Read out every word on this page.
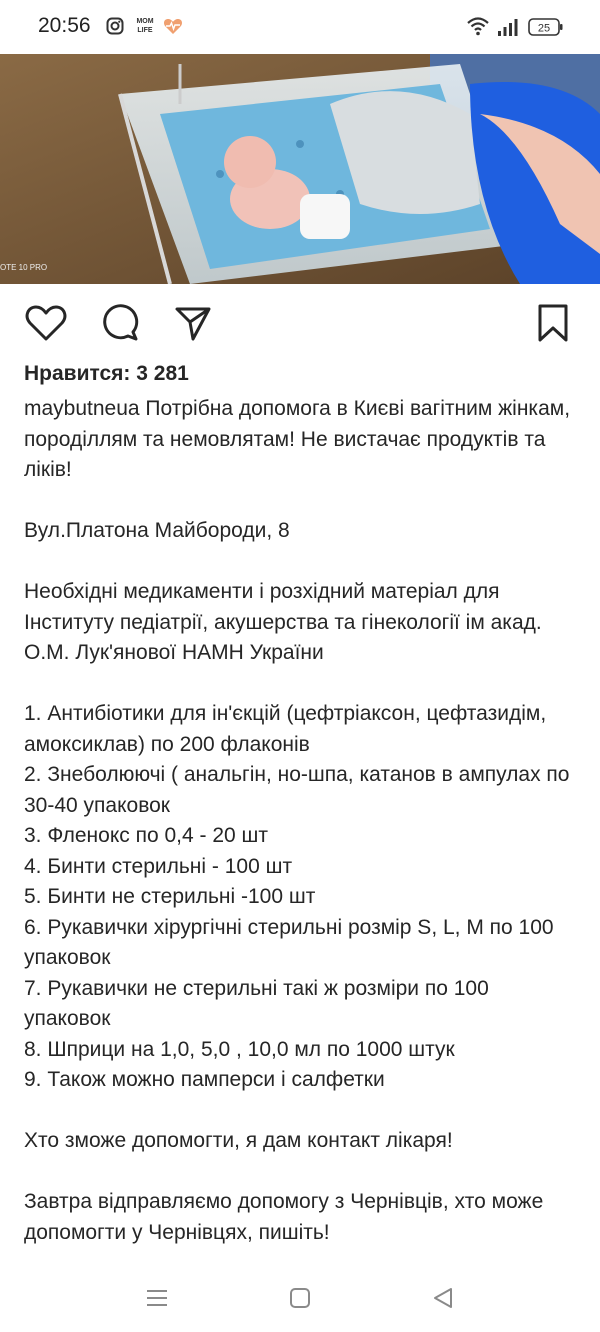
20:56	MOM
LIFE	25
OTE 10 PRO
Нравится: 3 281

maybutneua Потрібна допомога в Києві вагітним жінкам, породіллям та немовлятам! Не вистачає продуктів та ліків!

Вул.Платона Майбороди, 8

Необхідні медикаменти і розхідний матеріал для Інституту педіатрії, акушерства та гінекології ім акад. О.М. Лук'янової НАМН України

1. Антибіотики для ін'єкцій (цефтріаксон, цефтазидім, амоксиклав) по 200 флаконів

2. Знеболюючі ( анальгін, но-шпа, катанов в ампулах по 30-40 упаковок

3. Фленокс по 0,4 - 20 шт

4. Бинти стерильні - 100 шт

5. Бинти не стерильні -100 шт

6. Рукавички хірургічні стерильні розмір S, L, M по 100 упаковок

7. Рукавички не стерильні такі ж розміри по 100 упаковок

8. Шприци на 1,0, 5,0 , 10,0 мл по 1000 штук

9. Також можно памперси і салфетки

Хто зможе допомогти, я дам контакт лікаря!

Завтра відправляємо допомогу з Чернівців, хто може допомогти у Чернівцях, пишіть!
